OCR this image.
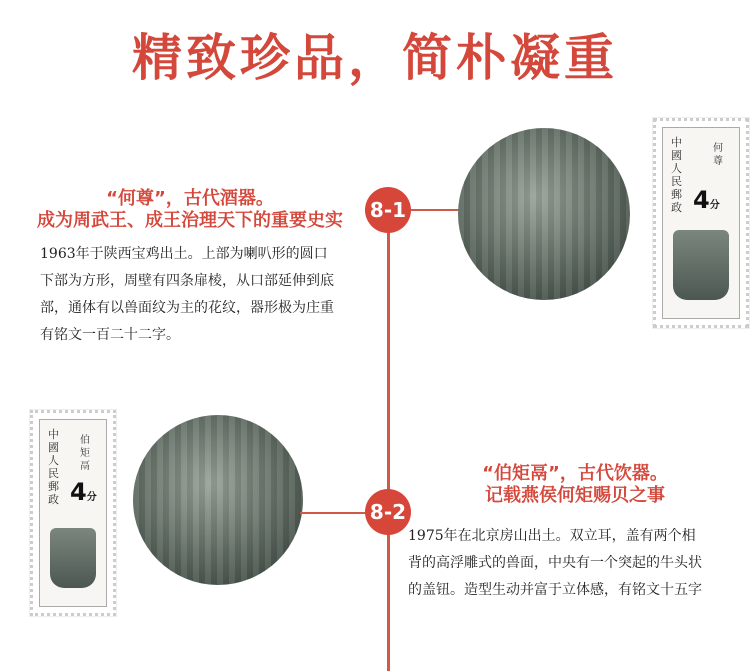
精致珍品，简朴凝重
“何尊”，古代酒器。
成为周武王、成王治理天下的重要史实
1963年于陕西宝鸡出土。上部为喇叭形的圆口
下部为方形，周壁有四条扉棱，从口部延伸到底
部，通体有以兽面纹为主的花纹，器形极为庄重
有铭文一百二十二字。
8-1
中國人民郵政 4分
何尊
中國人民郵政 4分
伯矩鬲
8-2
“伯矩鬲”，古代饮器。
记载燕侯何矩赐贝之事
1975年在北京房山出土。双立耳，盖有两个相
背的高浮雕式的兽面，中央有一个突起的牛头状
的盖钮。造型生动并富于立体感，有铭文十五字
